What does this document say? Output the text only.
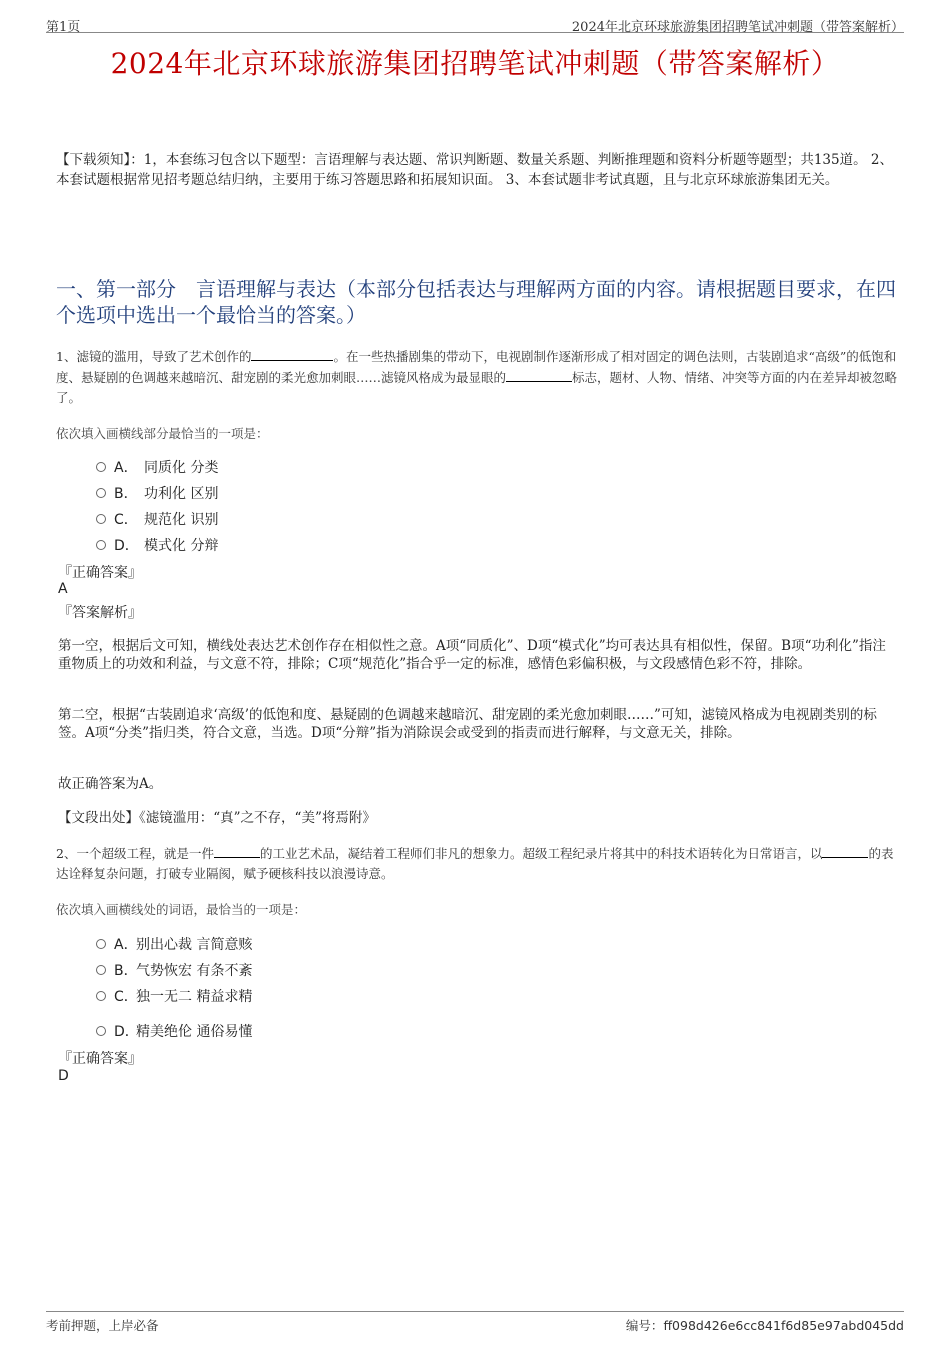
第1页	2024年北京环球旅游集团招聘笔试冲刺题（带答案解析）
2024年北京环球旅游集团招聘笔试冲刺题（带答案解析）
【下载须知】：1，本套练习包含以下题型：言语理解与表达题、常识判断题、数量关系题、判断推理题和资料分析题等题型；共135道。 2、本套试题根据常见招考题总结归纳，主要用于练习答题思路和拓展知识面。 3、本套试题非考试真题，且与北京环球旅游集团无关。
一、第一部分　言语理解与表达（本部分包括表达与理解两方面的内容。请根据题目要求，在四个选项中选出一个最恰当的答案。）
1、滤镜的滥用，导致了艺术创作的	。在一些热播剧集的带动下，电视剧制作逐渐形成了相对固定的调色法则，古装剧追求“高级”的低饱和度、悬疑剧的色调越来越暗沉、甜宠剧的柔光愈加刺眼……滤镜风格成为最显眼的	标志，题材、人物、情绪、冲突等方面的内在差异却被忽略了。
依次填入画横线部分最恰当的一项是：
A． 同质化 分类
B． 功利化 区别
C． 规范化 识别
D． 模式化 分辩
『正确答案』
A
『答案解析』
第一空，根据后文可知，横线处表达艺术创作存在相似性之意。A项“同质化”、D项“模式化”均可表达具有相似性，保留。B项“功利化”指注重物质上的功效和利益，与文意不符，排除；C项“规范化”指合乎一定的标准，感情色彩偏积极，与文段感情色彩不符，排除。
第二空，根据“古装剧追求‘高级’的低饱和度、悬疑剧的色调越来越暗沉、甜宠剧的柔光愈加刺眼……”可知，滤镜风格成为电视剧类别的标签。A项“分类”指归类，符合文意，当选。D项“分辩”指为消除误会或受到的指责而进行解释，与文意无关，排除。
故正确答案为A。
【文段出处】《滤镜滥用：“真”之不存，“美”将焉附》
2、一个超级工程，就是一件	的工业艺术品，凝结着工程师们非凡的想象力。超级工程纪录片将其中的科技术语转化为日常语言，以	的表达诠释复杂问题，打破专业隔阂，赋予硬核科技以浪漫诗意。
依次填入画横线处的词语，最恰当的一项是：
A．别出心裁 言简意赅
B．气势恢宏 有条不紊
C．独一无二 精益求精
D．精美绝伦 通俗易懂
『正确答案』
D
考前押题，上岸必备	编号：ff098d426e6cc841f6d85e97abd045dd
